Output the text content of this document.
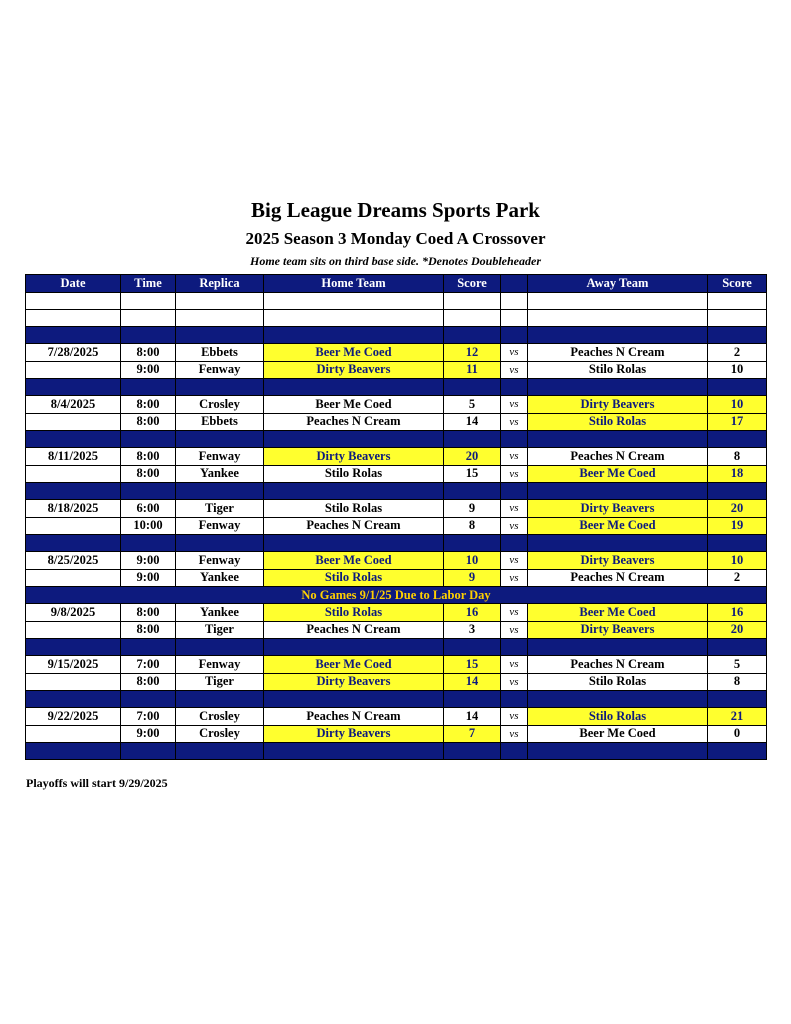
Big League Dreams Sports Park
2025 Season 3 Monday Coed A Crossover
Home team sits on third base side. *Denotes Doubleheader
Date	Time	Replica	Home Team	Score		Away Team	Score

7/28/2025	8:00	Ebbets	Beer Me Coed	12	vs	Peaches N Cream	2
	9:00	Fenway	Dirty Beavers	11	vs	Stilo Rolas	10

8/4/2025	8:00	Crosley	Beer Me Coed	5	vs	Dirty Beavers	10
	8:00	Ebbets	Peaches N Cream	14	vs	Stilo Rolas	17

8/11/2025	8:00	Fenway	Dirty Beavers	20	vs	Peaches N Cream	8
	8:00	Yankee	Stilo Rolas	15	vs	Beer Me Coed	18

8/18/2025	6:00	Tiger	Stilo Rolas	9	vs	Dirty Beavers	20
	10:00	Fenway	Peaches N Cream	8	vs	Beer Me Coed	19

8/25/2025	9:00	Fenway	Beer Me Coed	10	vs	Dirty Beavers	10
	9:00	Yankee	Stilo Rolas	9	vs	Peaches N Cream	2
No Games 9/1/25 Due to Labor Day							
9/8/2025	8:00	Yankee	Stilo Rolas	16	vs	Beer Me Coed	16
	8:00	Tiger	Peaches N Cream	3	vs	Dirty Beavers	20

9/15/2025	7:00	Fenway	Beer Me Coed	15	vs	Peaches N Cream	5
	8:00	Tiger	Dirty Beavers	14	vs	Stilo Rolas	8

9/22/2025	7:00	Crosley	Peaches N Cream	14	vs	Stilo Rolas	21
	9:00	Crosley	Dirty Beavers	7	vs	Beer Me Coed	0

Playoffs will start 9/29/2025
